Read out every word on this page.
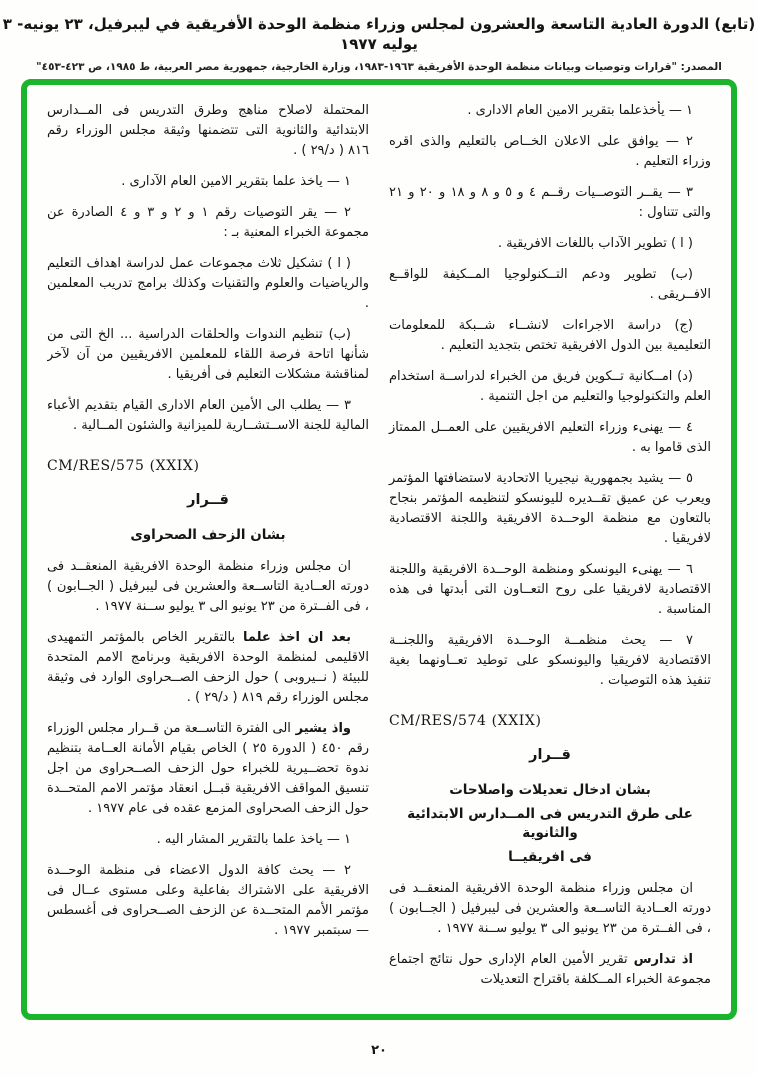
(تابع) الدورة العادية التاسعة والعشرون لمجلس وزراء منظمة الوحدة الأفريقية في ليبرفيل، ٢٣ يونيه- ٣ يوليه ١٩٧٧
المصدر: "قرارات وتوصيات وبيانات منظمة الوحدة الأفريقية ١٩٦٣-١٩٨٣، وزارة الخارجية، جمهورية مصر العربية، ط ١٩٨٥، ص ٤٢٣-٤٥٣"

١ — يأخذعلما بتقرير الامين العام الادارى .

٢ — يوافق على الاعلان الخــاص بالتعليم والذى اقره وزراء التعليم .

٣ — يقــر التوصــيات رقــم ٤ و ٥ و ٨ و ١٨ و ٢٠ و ٢١ والتى تتناول :

( ا ) تطوير الآداب باللغات الافريقية .

(ب) تطوير ودعم التــكنولوجيا المــكيفة للواقــع الافــريقى .

(ج) دراسة الاجراءات لانشــاء شــبكة للمعلومات التعليمية بين الدول الافريقية تختص بتجديد التعليم .

(د) امــكانية تــكوين فريق من الخبراء لدراســة استخدام العلم والتكنولوجيا والتعليم من اجل التنمية .

٤ — يهنىء وزراء التعليم الافريقيين على العمــل الممتاز الذى قاموا به .

٥ — يشيد بجمهورية نيجيريا الاتحادية لاستضافتها المؤتمر ويعرب عن عميق تقــديره لليونسكو لتنظيمه المؤتمر بنجاح بالتعاون مع منظمة الوحــدة الافريقية واللجنة الاقتصادية لافريقيا .

٦ — يهنىء اليونسكو ومنظمة الوحــدة الافريقية واللجنة الاقتصادية لافريقيا على روح التعــاون التى أبدتها فى هذه المناسبة .

٧ — يحث منظمــة الوحــدة الافريقية واللجنــة الاقتصادية لافريقيا واليونسكو على توطيد تعــاونهما بغية تنفيذ هذه التوصيات .

CM/RES/574 (XXIX)

قــرار

بشان ادخال تعديلات واصلاحات

على طرق التدريس فى المــدارس الابتدائية والثانوية

فى افريقيــا

ان مجلس وزراء منظمة الوحدة الافريقية المنعقــد فى دورته العــادية التاســعة والعشرين فى ليبرفيل ( الجــابون ) ، فى الفــترة من ٢٣ يونيو الى ٣ يوليو ســنة ١٩٧٧ .

اذ تدارس تقرير الأمين العام الإدارى حول نتائج اجتماع مجموعة الخبراء المــكلفة باقتراح التعديلات

المحتملة لاصلاح مناهج وطرق التدريس فى المــدارس الابتدائية والثانوية التى تتضمنها وثيقة مجلس الوزراء رقم ٨١٦ ( د/٢٩ ) .

١ — ياخذ علما بتقرير الامين العام الآدارى .

٢ — يقر التوصيات رقم ١ و ٢ و ٣ و ٤ الصادرة عن مجموعة الخبراء المعنية بـ :

( ا ) تشكيل ثلاث مجموعات عمل لدراسة اهداف التعليم والرياضيات والعلوم والتقنيات وكذلك برامج تدريب المعلمين .

(ب) تنظيم الندوات والحلقات الدراسية ... الخ التى من شأنها اتاحة فرصة اللقاء للمعلمين الافريقيين من آن لآخر لمناقشة مشكلات التعليم فى أفريقيا .

٣ — يطلب الى الأمين العام الادارى القيام بتقديم الأعباء المالية للجنة الاســتشــارية للميزانية والشئون المــالية .

CM/RES/575 (XXIX)

قــرار

بشان الزحف الصحراوى

ان مجلس وزراء منظمة الوحدة الافريقية المنعقــد فى دورته العــادية التاســعة والعشرين فى ليبرفيل ( الجــابون ) ، فى الفــترة من ٢٣ يونيو الى ٣ يوليو ســنة ١٩٧٧ .

بعد ان اخذ علما بالتقرير الخاص بالمؤتمر التمهيدى الاقليمى لمنظمة الوحدة الافريقية وبرنامج الامم المتحدة للبيئة ( نــيروبى ) حول الزحف الصــحراوى الوارد فى وثيقة مجلس الوزراء رقم ٨١٩ ( د/٢٩ ) .

واذ يشير الى الفترة التاســعة من قــرار مجلس الوزراء رقم ٤٥٠ ( الدورة ٢٥ ) الخاص بقيام الأمانة العــامة بتنظيم ندوة تحضــيرية للخبراء حول الزحف الصــحراوى من اجل تنسيق المواقف الافريقية قبــل انعقاد مؤتمر الامم المتحــدة حول الزحف الصحراوى المزمع عقده فى عام ١٩٧٧ .

١ — ياخذ علما بالتقرير المشار اليه .

٢ — يحث كافة الدول الاعضاء فى منظمة الوحــدة الافريقية على الاشتراك بفاعلية وعلى مستوى عــال فى مؤتمر الأمم المتحــدة عن الزحف الصــحراوى فى أغسطس — سبتمبر ١٩٧٧ .

٢٠
